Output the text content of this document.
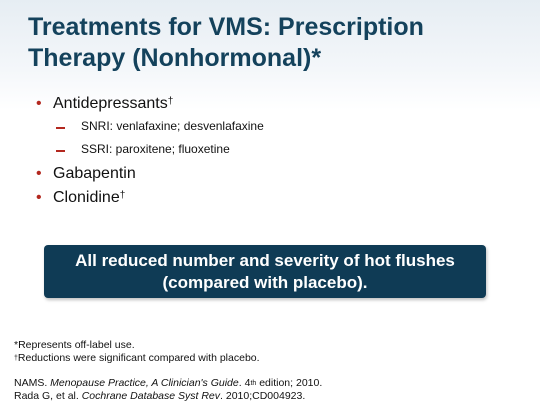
Treatments for VMS: Prescription
Therapy (Nonhormonal)*
• Antidepressants†
SNRI: venlafaxine; desvenlafaxine
SSRI: paroxitene; fluoxetine
• Gabapentin
• Clonidine†
All reduced number and severity of hot flushes
(compared with placebo).
*Represents off-label use.
†Reductions were significant compared with placebo.
NAMS. Menopause Practice, A Clinician's Guide. 4th edition; 2010.
Rada G, et al. Cochrane Database Syst Rev. 2010;CD004923.
